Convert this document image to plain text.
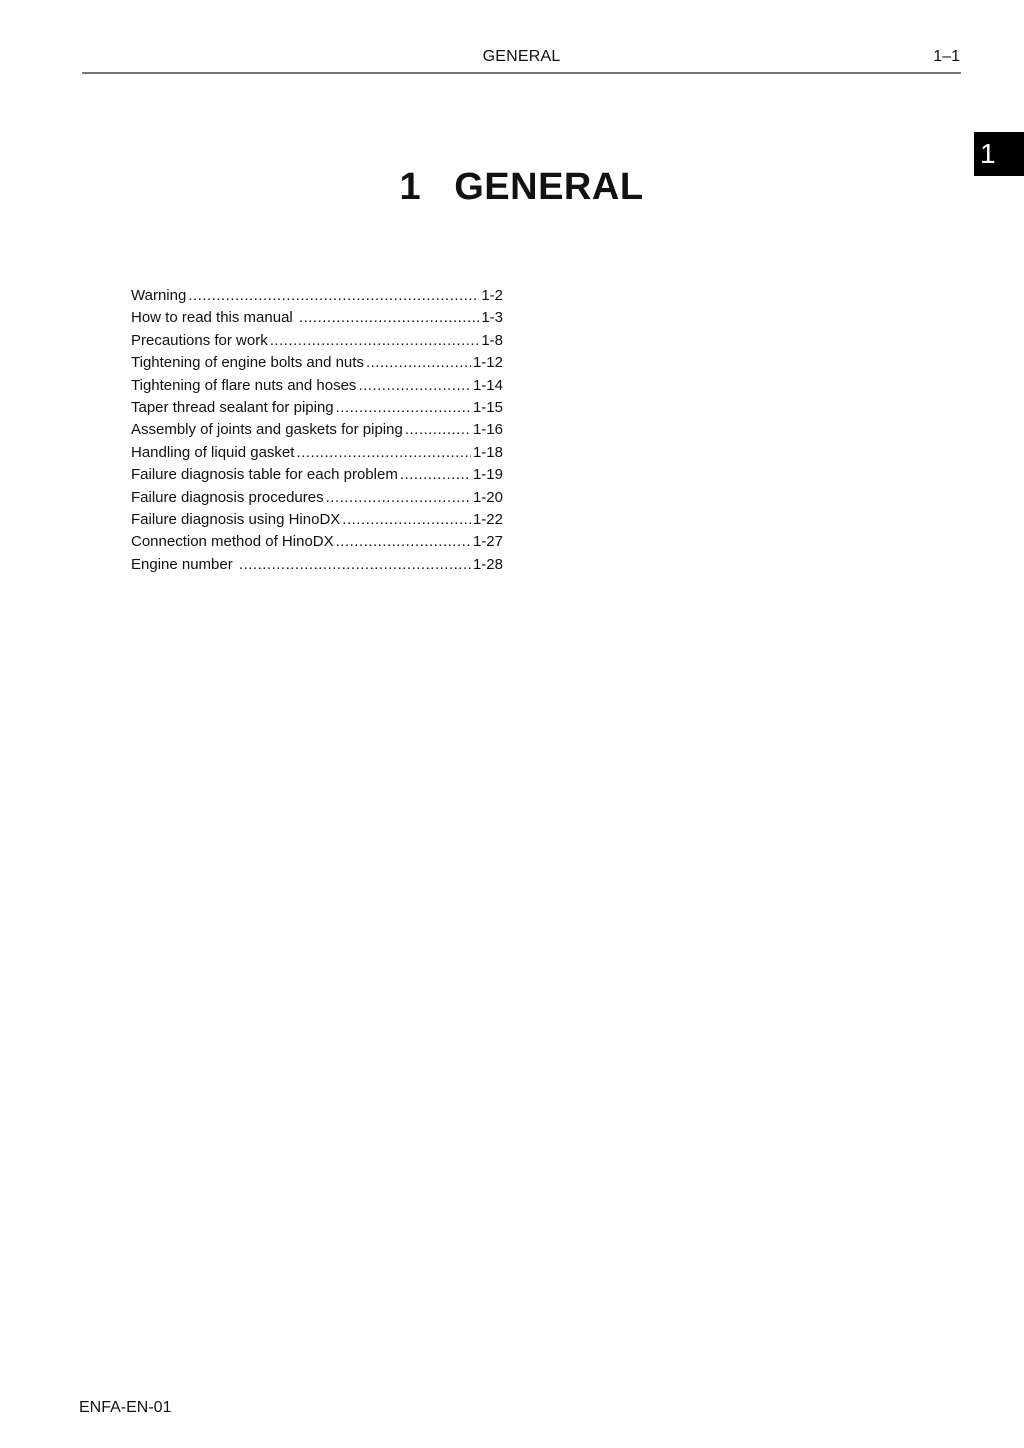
GENERAL	1–1
1
1   GENERAL
Warning .....	1-2
How to read this manual .....	1-3
Precautions for work .....	1-8
Tightening of engine bolts and nuts .....	1-12
Tightening of flare nuts and hoses .....	1-14
Taper thread sealant for piping .....	1-15
Assembly of joints and gaskets for piping .....	1-16
Handling of liquid gasket .....	1-18
Failure diagnosis table for each problem .....	1-19
Failure diagnosis procedures .....	1-20
Failure diagnosis using HinoDX .....	1-22
Connection method of HinoDX .....	1-27
Engine number .....	1-28
ENFA-EN-01
